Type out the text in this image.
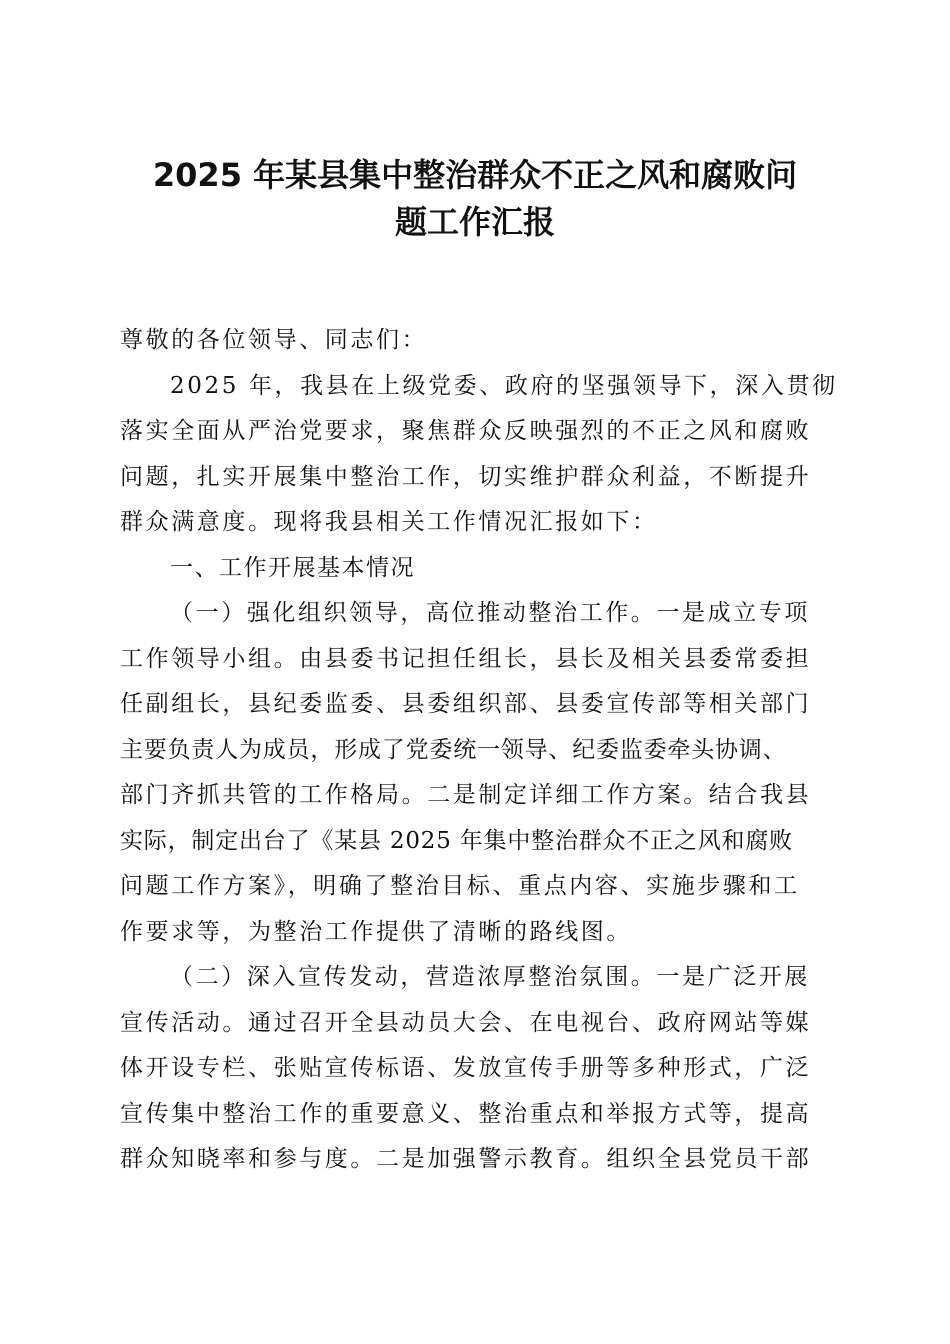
2025 年某县集中整治群众不正之风和腐败问
题工作汇报
尊敬的各位领导、同志们：
2025 年，我县在上级党委、政府的坚强领导下，深入贯彻
落实全面从严治党要求，聚焦群众反映强烈的不正之风和腐败
问题，扎实开展集中整治工作，切实维护群众利益，不断提升
群众满意度。现将我县相关工作情况汇报如下：
一、工作开展基本情况
（一）强化组织领导，高位推动整治工作。一是成立专项
工作领导小组。由县委书记担任组长，县长及相关县委常委担
任副组长，县纪委监委、县委组织部、县委宣传部等相关部门
主要负责人为成员，形成了党委统一领导、纪委监委牵头协调、
部门齐抓共管的工作格局。二是制定详细工作方案。结合我县
实际，制定出台了《某县 2025 年集中整治群众不正之风和腐败
问题工作方案》，明确了整治目标、重点内容、实施步骤和工
作要求等，为整治工作提供了清晰的路线图。
（二）深入宣传发动，营造浓厚整治氛围。一是广泛开展
宣传活动。通过召开全县动员大会、在电视台、政府网站等媒
体开设专栏、张贴宣传标语、发放宣传手册等多种形式，广泛
宣传集中整治工作的重要意义、整治重点和举报方式等，提高
群众知晓率和参与度。二是加强警示教育。组织全县党员干部
